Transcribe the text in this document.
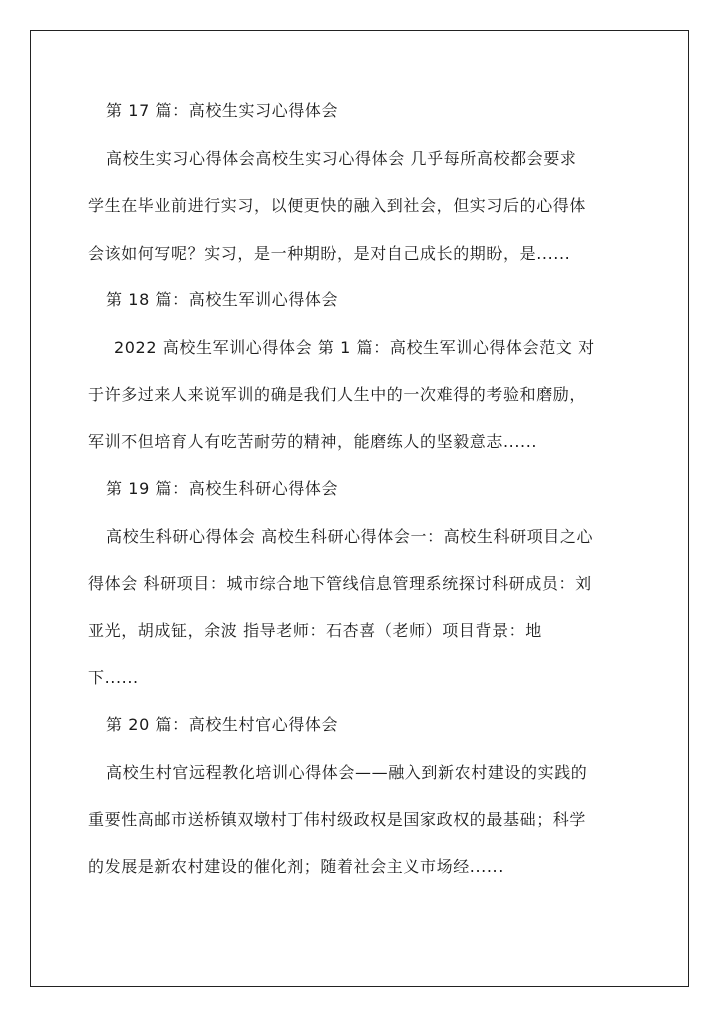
第 17 篇：高校生实习心得体会
高校生实习心得体会高校生实习心得体会 几乎每所高校都会要求
学生在毕业前进行实习，以便更快的融入到社会，但实习后的心得体
会该如何写呢？实习，是一种期盼，是对自己成长的期盼，是......
第 18 篇：高校生军训心得体会
2022 高校生军训心得体会 第 1 篇：高校生军训心得体会范文 对
于许多过来人来说军训的确是我们人生中的一次难得的考验和磨励，
军训不但培育人有吃苦耐劳的精神，能磨练人的坚毅意志......
第 19 篇：高校生科研心得体会
高校生科研心得体会 高校生科研心得体会一：高校生科研项目之心
得体会 科研项目：城市综合地下管线信息管理系统探讨科研成员：刘
亚光，胡成钲，余波 指导老师：石杏喜（老师）项目背景：地
下......
第 20 篇：高校生村官心得体会
高校生村官远程教化培训心得体会——融入到新农村建设的实践的
重要性高邮市送桥镇双墩村丁伟村级政权是国家政权的最基础；科学
的发展是新农村建设的催化剂；随着社会主义市场经......
